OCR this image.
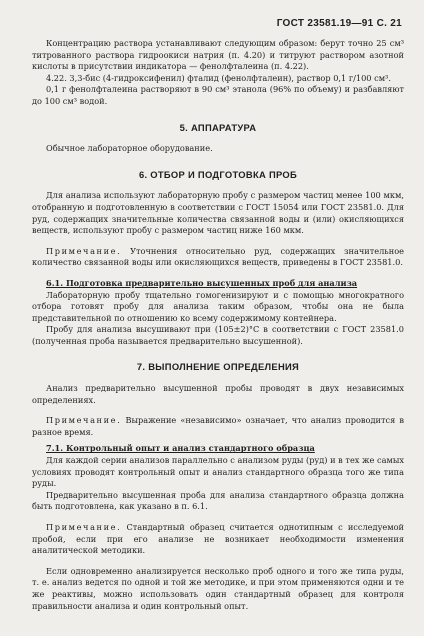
ГОСТ 23581.19—91 С. 21

Концентрацию раствора устанавливают следующим образом: берут точно 25 см³ титрованного раствора гидроокиси натрия (п. 4.20) и титруют раствором азотной кислоты в присутствии индикатора — фенолфталеина (п. 4.22).

4.22. 3,3-бис (4-гидроксифенил) фталид (фенолфталеин), раствор 0,1 г/100 см³.

0,1 г фенолфталеина растворяют в 90 см³ этанола (96% по объему) и разбавляют до 100 см³ водой.

5. АППАРАТУРА

Обычное лабораторное оборудование.

6. ОТБОР И ПОДГОТОВКА ПРОБ

Для анализа используют лабораторную пробу с размером частиц менее 100 мкм, отобранную и подготовленную в соответствии с ГОСТ 15054 или ГОСТ 23581.0. Для руд, содержащих значительные количества связанной воды и (или) окисляющихся веществ, используют пробу с размером частиц ниже 160 мкм.

Примечание. Уточнения относительно руд, содержащих значительное количество связанной воды или окисляющихся веществ, приведены в ГОСТ 23581.0.

6.1. Подготовка предварительно высушенных проб для анализа

Лабораторную пробу тщательно гомогенизируют и с помощью многократного отбора готовят пробу для анализа таким образом, чтобы она не была представительной по отношению ко всему содержимому контейнера.

Пробу для анализа высушивают при (105±2)°С в соответствии с ГОСТ 23581.0 (полученная проба называется предварительно высушенной).

7. ВЫПОЛНЕНИЕ ОПРЕДЕЛЕНИЯ

Анализ предварительно высушенной пробы проводят в двух независимых определениях.

Примечание. Выражение «независимо» означает, что анализ проводится в разное время.

7.1. Контрольный опыт и анализ стандартного образца

Для каждой серии анализов параллельно с анализом руды (руд) и в тех же самых условиях проводят контрольный опыт и анализ стандартного образца того же типа руды.

Предварительно высушенная проба для анализа стандартного образца должна быть подготовлена, как указано в п. 6.1.

Примечание. Стандартный образец считается однотипным с исследуемой пробой, если при его анализе не возникает необходимости изменения аналитической методики.

Если одновременно анализируется несколько проб одного и того же типа руды, т. е. анализ ведется по одной и той же методике, и при этом применяются одни и те же реактивы, можно использовать один стандартный образец для контроля правильности анализа и один контрольный опыт.
